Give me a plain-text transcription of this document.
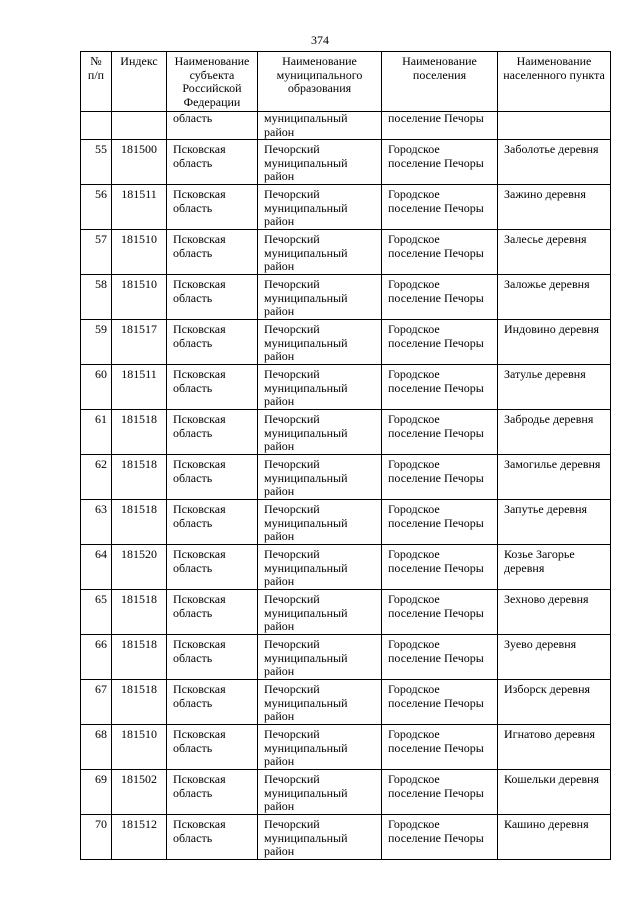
374
№ п/п	Индекс	Наименование субъекта Российской Федерации	Наименование муниципального образования	Наименование поселения	Наименование населенного пункта
		область	муниципальный район	поселение Печоры	
55	181500	Псковская область	Печорский муниципальный район	Городское поселение Печоры	Заболотье деревня
56	181511	Псковская область	Печорский муниципальный район	Городское поселение Печоры	Зажино деревня
57	181510	Псковская область	Печорский муниципальный район	Городское поселение Печоры	Залесье деревня
58	181510	Псковская область	Печорский муниципальный район	Городское поселение Печоры	Заложье деревня
59	181517	Псковская область	Печорский муниципальный район	Городское поселение Печоры	Индовино деревня
60	181511	Псковская область	Печорский муниципальный район	Городское поселение Печоры	Затулье деревня
61	181518	Псковская область	Печорский муниципальный район	Городское поселение Печоры	Забродье деревня
62	181518	Псковская область	Печорский муниципальный район	Городское поселение Печоры	Замогилье деревня
63	181518	Псковская область	Печорский муниципальный район	Городское поселение Печоры	Запутье деревня
64	181520	Псковская область	Печорский муниципальный район	Городское поселение Печоры	Козье Загорье деревня
65	181518	Псковская область	Печорский муниципальный район	Городское поселение Печоры	Зехново деревня
66	181518	Псковская область	Печорский муниципальный район	Городское поселение Печоры	Зуево деревня
67	181518	Псковская область	Печорский муниципальный район	Городское поселение Печоры	Изборск деревня
68	181510	Псковская область	Печорский муниципальный район	Городское поселение Печоры	Игнатово деревня
69	181502	Псковская область	Печорский муниципальный район	Городское поселение Печоры	Кошельки деревня
70	181512	Псковская область	Печорский муниципальный район	Городское поселение Печоры	Кашино деревня
